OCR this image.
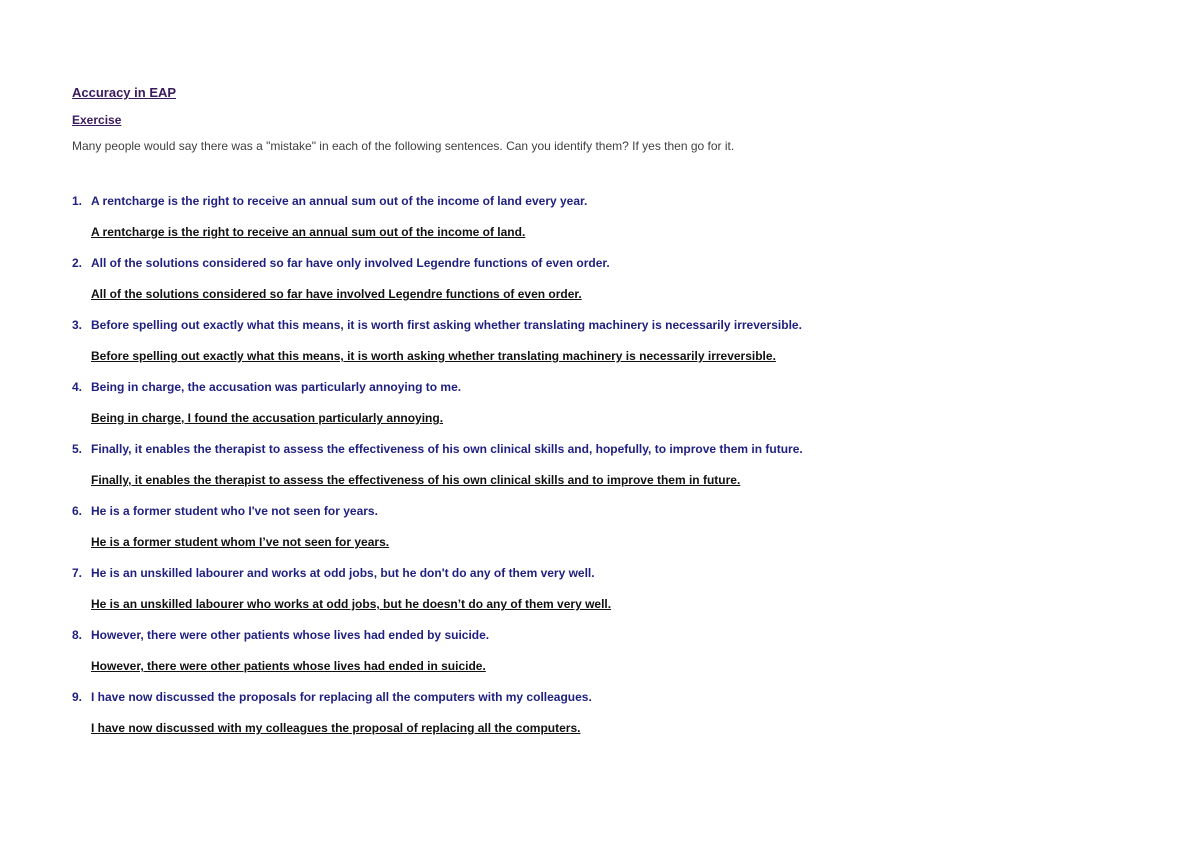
Accuracy in EAP
Exercise
Many people would say there was a "mistake" in each of the following sentences. Can you identify them? If yes then go for it.
1. A rentcharge is the right to receive an annual sum out of the income of land every year.
A rentcharge is the right to receive an annual sum out of the income of land.
2. All of the solutions considered so far have only involved Legendre functions of even order.
All of the solutions considered so far have involved Legendre functions of even order.
3. Before spelling out exactly what this means, it is worth first asking whether translating machinery is necessarily irreversible.
Before spelling out exactly what this means, it is worth asking whether translating machinery is necessarily irreversible.
4. Being in charge, the accusation was particularly annoying to me.
Being in charge, I found the accusation particularly annoying.
5. Finally, it enables the therapist to assess the effectiveness of his own clinical skills and, hopefully, to improve them in future.
Finally, it enables the therapist to assess the effectiveness of his own clinical skills and to improve them in future.
6. He is a former student who I've not seen for years.
He is a former student whom I’ve not seen for years.
7. He is an unskilled labourer and works at odd jobs, but he don't do any of them very well.
He is an unskilled labourer who works at odd jobs, but he doesn’t do any of them very well.
8. However, there were other patients whose lives had ended by suicide.
However, there were other patients whose lives had ended in suicide.
9. I have now discussed the proposals for replacing all the computers with my colleagues.
I have now discussed with my colleagues the proposal of replacing all the computers.
